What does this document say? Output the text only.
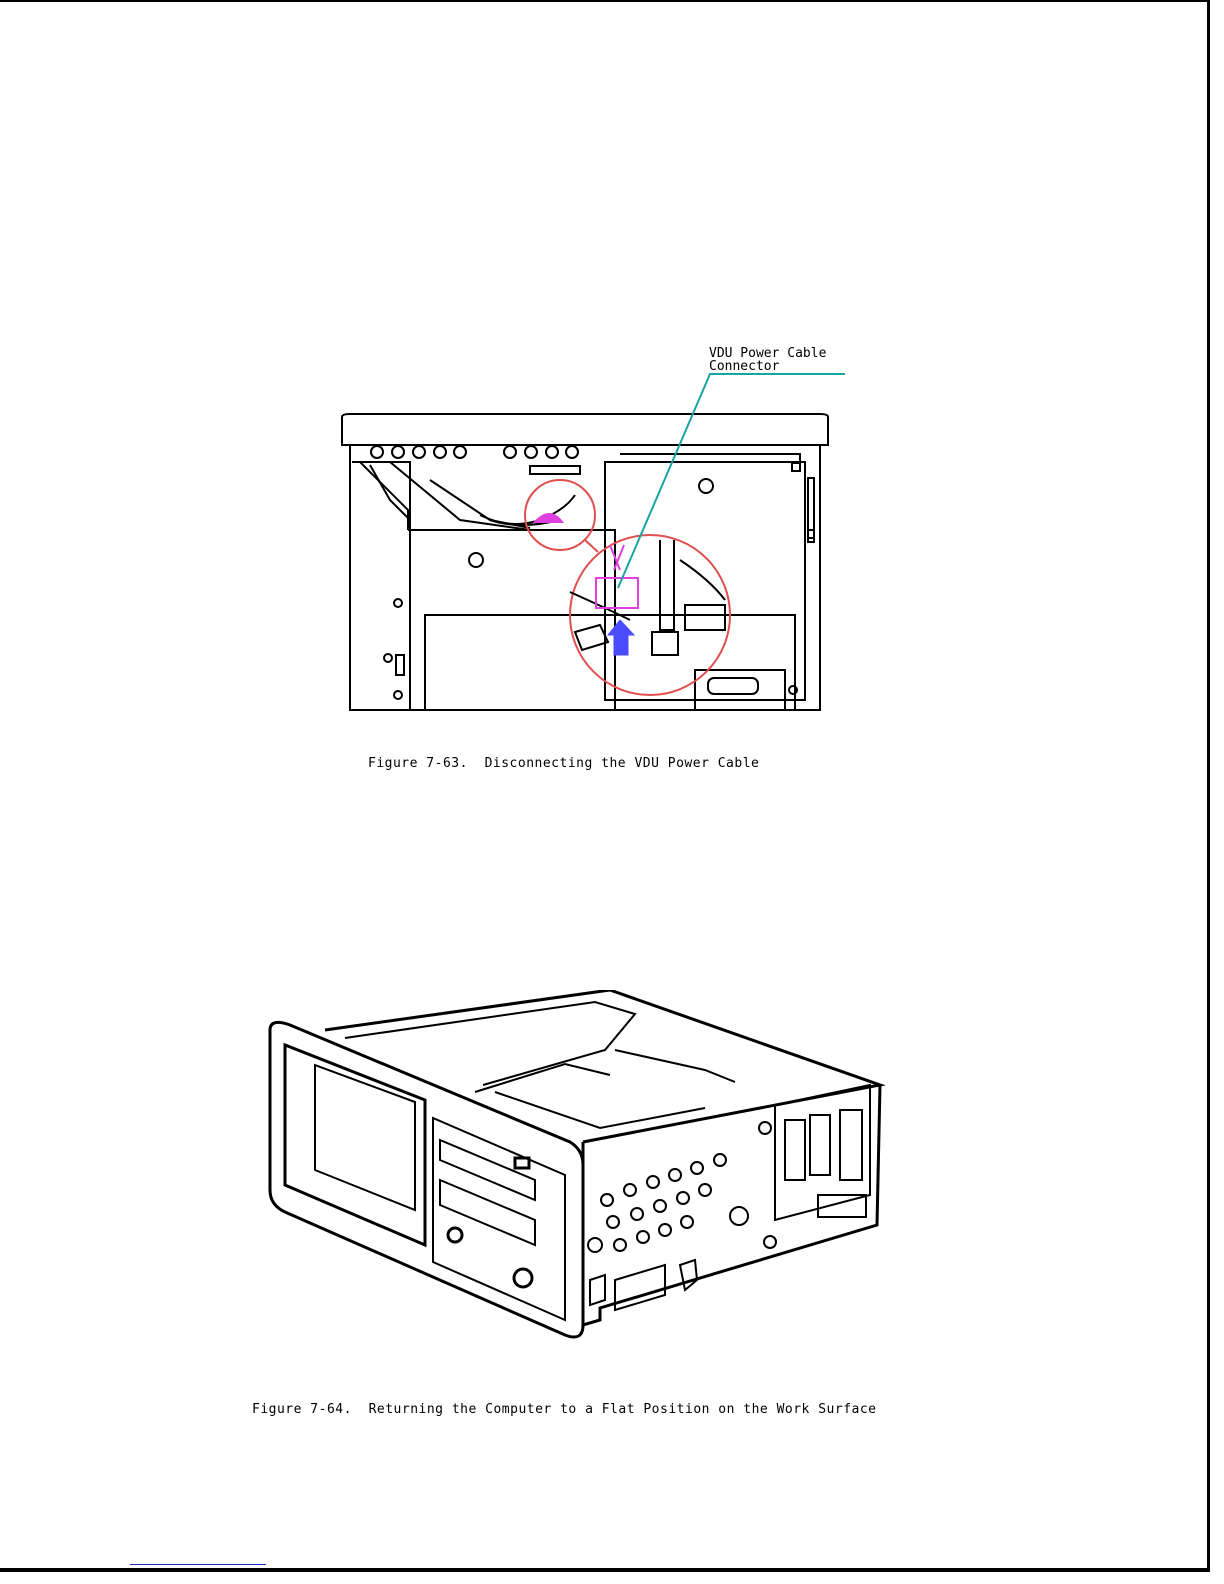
VDU Power Cable
Connector
Figure 7-63.  Disconnecting the VDU Power Cable
Figure 7-64.  Returning the Computer to a Flat Position on the Work Surface
